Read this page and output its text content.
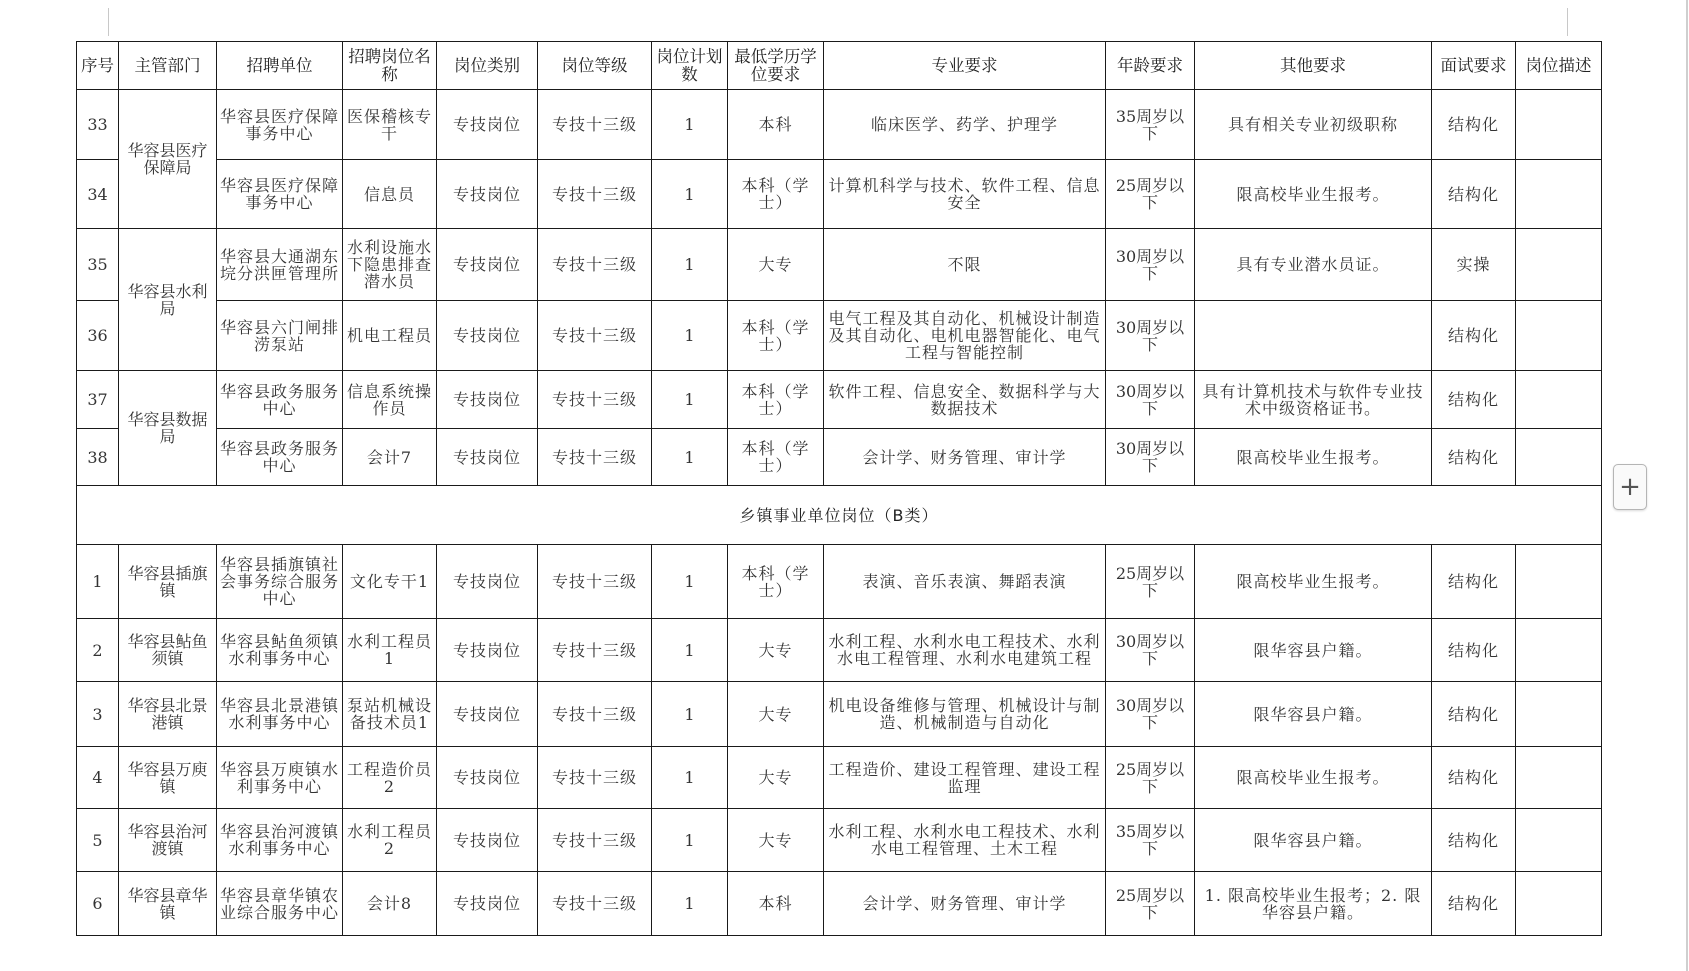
序号	主管部门	招聘单位	招聘岗位名称	岗位类别	岗位等级	岗位计划数	最低学历学位要求	专业要求	年龄要求	其他要求	面试要求	岗位描述
33	华容县医疗保障局	华容县医疗保障事务中心	医保稽核专干	专技岗位	专技十三级	1	本科	临床医学、药学、护理学	35周岁以下	具有相关专业初级职称	结构化	
34		华容县医疗保障事务中心	信息员	专技岗位	专技十三级	1	本科（学士）	计算机科学与技术、软件工程、信息安全	25周岁以下	限高校毕业生报考。	结构化	
35	华容县水利局	华容县大通湖东垸分洪匣管理所	水利设施水下隐患排查潜水员	专技岗位	专技十三级	1	大专	不限	30周岁以下	具有专业潜水员证。	实操	
36		华容县六门闸排涝泵站	机电工程员	专技岗位	专技十三级	1	本科（学士）	电气工程及其自动化、机械设计制造及其自动化、电机电器智能化、电气工程与智能控制	30周岁以下		结构化	
37	华容县数据局	华容县政务服务中心	信息系统操作员	专技岗位	专技十三级	1	本科（学士）	软件工程、信息安全、数据科学与大数据技术	30周岁以下	具有计算机技术与软件专业技术中级资格证书。	结构化	
38		华容县政务服务中心	会计7	专技岗位	专技十三级	1	本科（学士）	会计学、财务管理、审计学	30周岁以下	限高校毕业生报考。	结构化	
乡镇事业单位岗位（B类）												
1	华容县插旗镇	华容县插旗镇社会事务综合服务中心	文化专干1	专技岗位	专技十三级	1	本科（学士）	表演、音乐表演、舞蹈表演	25周岁以下	限高校毕业生报考。	结构化	
2	华容县鲇鱼须镇	华容县鲇鱼须镇水利事务中心	水利工程员1	专技岗位	专技十三级	1	大专	水利工程、水利水电工程技术、水利水电工程管理、水利水电建筑工程	30周岁以下	限华容县户籍。	结构化	
3	华容县北景港镇	华容县北景港镇水利事务中心	泵站机械设备技术员1	专技岗位	专技十三级	1	大专	机电设备维修与管理、机械设计与制造、机械制造与自动化	30周岁以下	限华容县户籍。	结构化	
4	华容县万庾镇	华容县万庾镇水利事务中心	工程造价员2	专技岗位	专技十三级	1	大专	工程造价、建设工程管理、建设工程监理	25周岁以下	限高校毕业生报考。	结构化	
5	华容县治河渡镇	华容县治河渡镇水利事务中心	水利工程员2	专技岗位	专技十三级	1	大专	水利工程、水利水电工程技术、水利水电工程管理、土木工程	35周岁以下	限华容县户籍。	结构化	
6	华容县章华镇	华容县章华镇农业综合服务中心	会计8	专技岗位	专技十三级	1	本科	会计学、财务管理、审计学	25周岁以下	1. 限高校毕业生报考；2. 限华容县户籍。	结构化	
+
